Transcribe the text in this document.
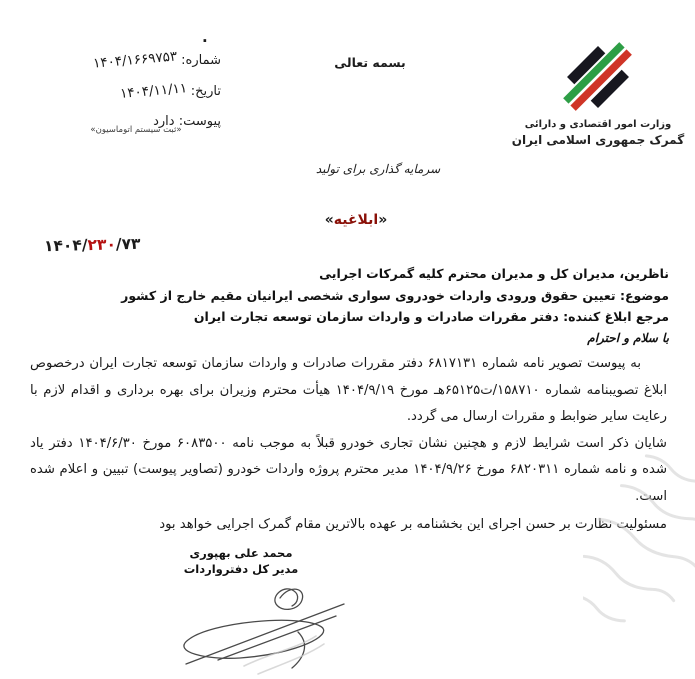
.
شماره: ۱۴۰۴/۱۶۶۹۷۵۳
تاریخ: ۱۴۰۴/۱۱/۱۱
پیوست: دارد
«ثبت سیستم اتوماسیون»
بسمه تعالی
وزارت امور اقتصادی و دارائی
گمرک جمهوری اسلامی ایران
سرمایه گذاری برای تولید
«ابلاغیه»
۱۴۰۴/۲۳۰/۷۳
ناظرین، مدیران کل و مدیران محترم کلیه گمرکات اجرایی
موضوع: تعیین حقوق ورودی واردات خودروی سواری شخصی ایرانیان مقیم خارج از کشور
مرجع ابلاغ کننده: دفتر مقررات صادرات و واردات سازمان توسعه تجارت ایران
با سلام و احترام

به پیوست تصویر نامه شماره ۶۸۱۷۱۳۱ دفتر مقررات صادرات و واردات سازمان توسعه تجارت ایران درخصوص ابلاغ تصویبنامه شماره ۱۵۸۷۱۰/ت۶۵۱۲۵هـ مورخ ۱۴۰۴/۹/۱۹ هیأت محترم وزیران برای بهره برداری و اقدام لازم با رعایت سایر ضوابط و مقررات ارسال می گردد.

شایان ذکر است شرایط لازم و هچنین نشان تجاری خودرو قبلاً به موجب نامه ۶۰۸۳۵۰۰ مورخ ۱۴۰۴/۶/۳۰ دفتر یاد شده و نامه شماره ۶۸۲۰۳۱۱ مورخ ۱۴۰۴/۹/۲۶ مدیر محترم پروژه واردات خودرو (تصاویر پیوست) تبیین و اعلام شده است.

مسئولیت نظارت بر حسن اجرای این بخشنامه بر عهده بالاترین مقام گمرک اجرایی خواهد بود

محمد علی بهپوری
مدیر کل دفترواردات
